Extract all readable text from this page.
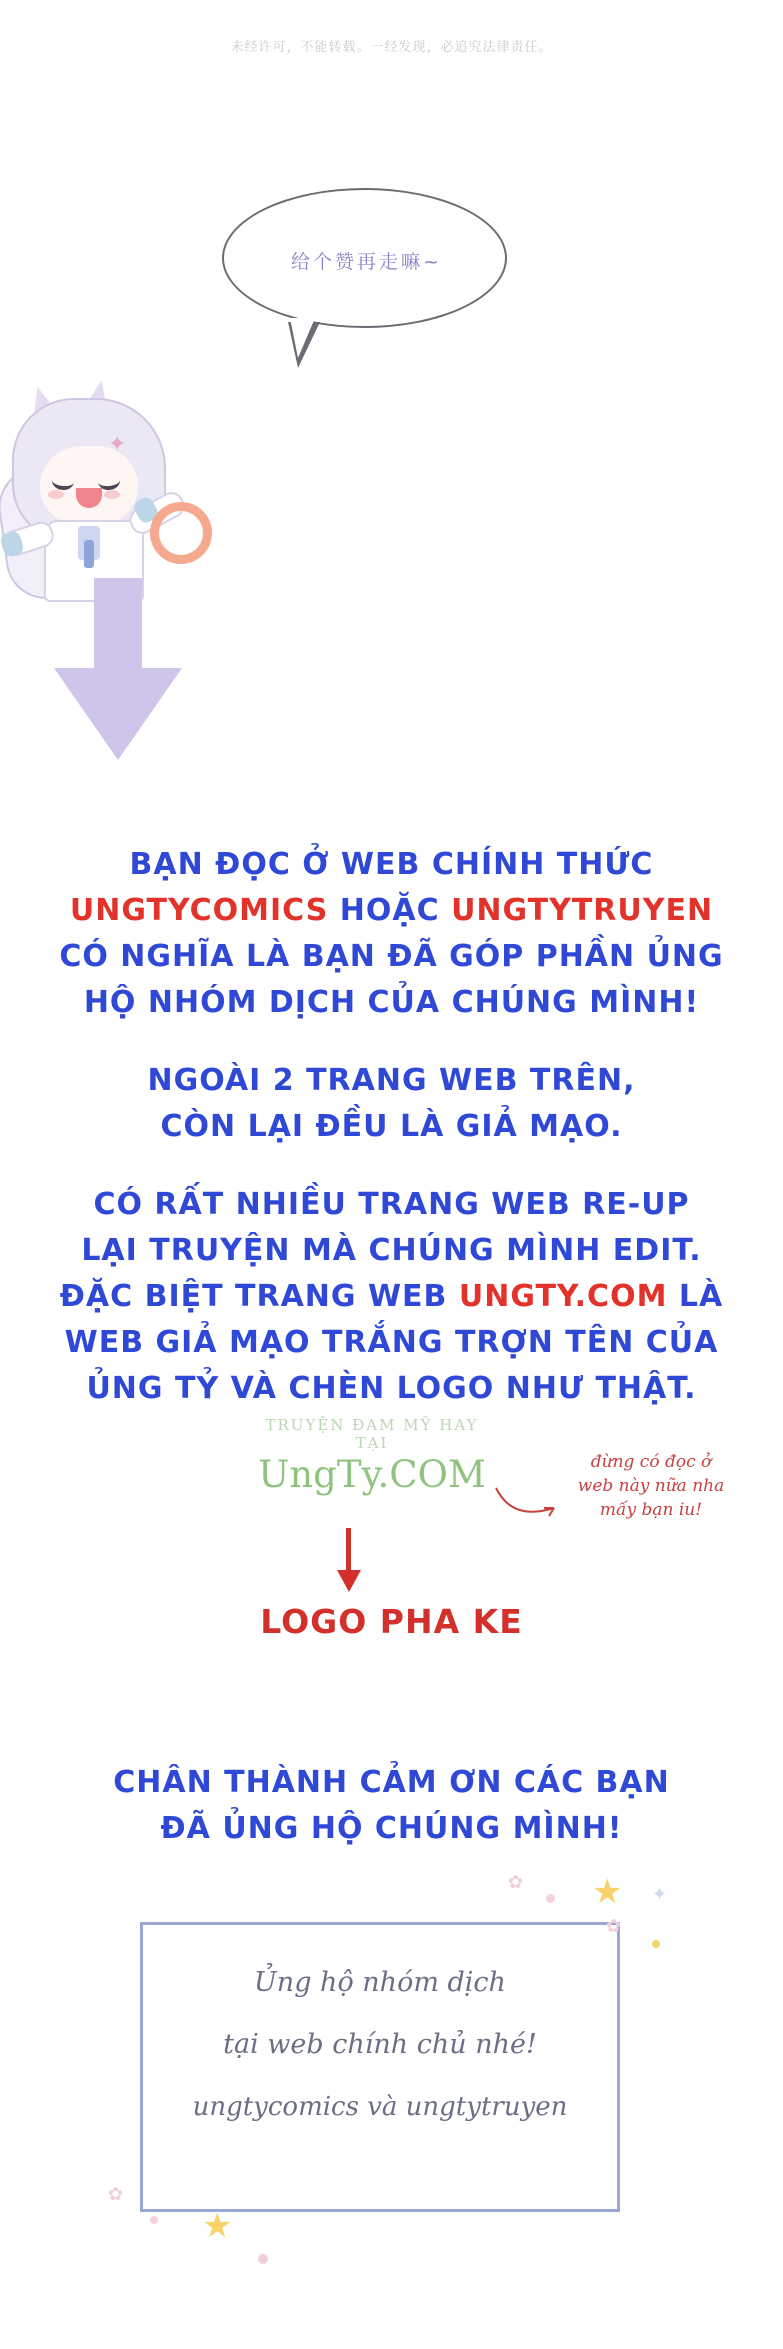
未经许可，不能转载。一经发现，必追究法律责任。
给个赞再走嘛~
✦
BẠN ĐỌC Ở WEB CHÍNH THỨC
UNGTYCOMICS HOẶC UNGTYTRUYEN
CÓ NGHĨA LÀ BẠN ĐÃ GÓP PHẦN ỦNG
HỘ NHÓM DỊCH CỦA CHÚNG MÌNH!
NGOÀI 2 TRANG WEB TRÊN,
CÒN LẠI ĐỀU LÀ GIẢ MẠO.
CÓ RẤT NHIỀU TRANG WEB RE-UP
LẠI TRUYỆN MÀ CHÚNG MÌNH EDIT.
ĐẶC BIỆT TRANG WEB UNGTY.COM LÀ
WEB GIẢ MẠO TRẮNG TRỢN TÊN CỦA
ỦNG TỶ VÀ CHÈN LOGO NHƯ THẬT.
TRUYỆN ĐAM MỸ HAY TẠI
UngTy.COM	đừng có đọc ở
web này nữa nha
mấy bạn iu!
LOGO PHA KE
CHÂN THÀNH CẢM ƠN CÁC BẠN
ĐÃ ỦNG HỘ CHÚNG MÌNH!
Ủng hộ nhóm dịch
tại web chính chủ nhé!
ungtycomics và ungtytruyen
✿ ★ ✦
✿
✿
★
